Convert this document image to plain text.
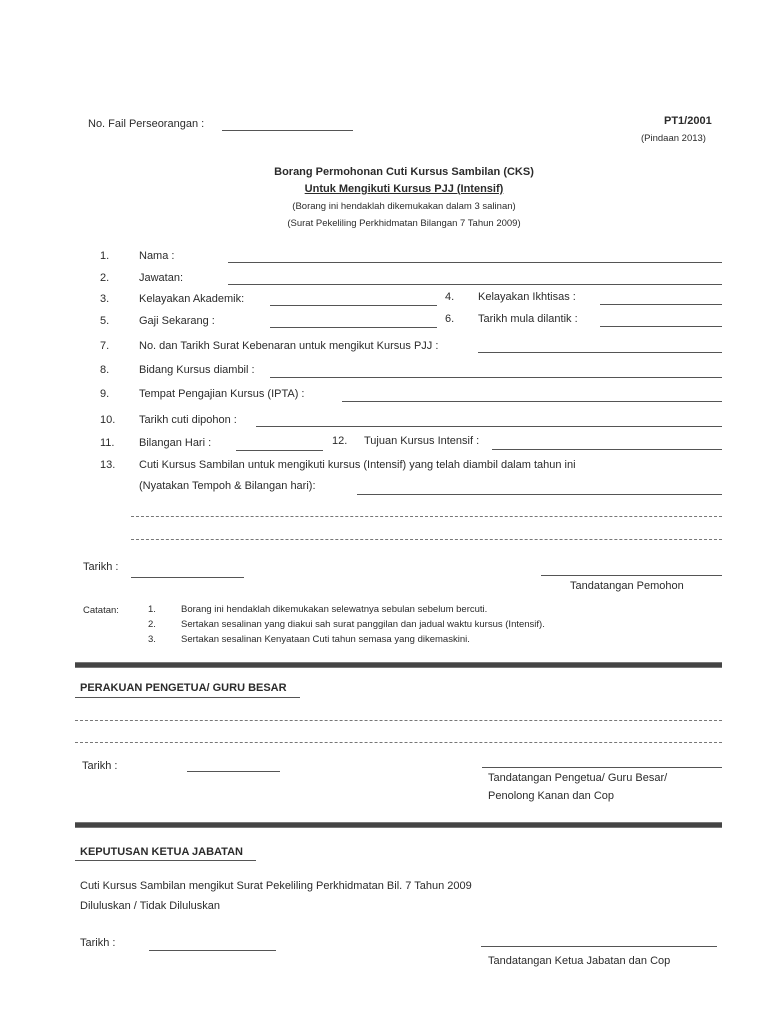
No. Fail Perseorangan :	PT1/2001
(Pindaan 2013)
Borang Permohonan Cuti Kursus Sambilan (CKS)
Untuk Mengikuti Kursus PJJ (Intensif)
(Borang ini hendaklah dikemukakan dalam 3 salinan)
(Surat Pekeliling Perkhidmatan Bilangan 7 Tahun 2009)
1.	Nama :
2.	Jawatan:
3.	Kelayakan Akademik:	4. Kelayakan Ikhtisas :
5.	Gaji Sekarang :	6. Tarikh mula dilantik :
7.	No. dan Tarikh Surat Kebenaran untuk mengikut Kursus PJJ :
8.	Bidang Kursus diambil :
9.	Tempat Pengajian Kursus (IPTA) :
10. Tarikh cuti dipohon :
11. Bilangan Hari :	12. Tujuan Kursus Intensif :
13. Cuti Kursus Sambilan untuk mengikuti kursus (Intensif) yang telah diambil dalam tahun ini
(Nyatakan Tempoh & Bilangan hari):
Tarikh :
Tandatangan Pemohon
Catatan:	1.	Borang ini hendaklah dikemukakan selewatnya sebulan sebelum bercuti.
2.	Sertakan sesalinan yang diakui sah surat panggilan dan jadual waktu kursus (Intensif).
3.	Sertakan sesalinan Kenyataan Cuti tahun semasa yang dikemaskini.
PERAKUAN PENGETUA/ GURU BESAR
Tarikh :
Tandatangan Pengetua/ Guru Besar/
Penolong Kanan dan Cop
KEPUTUSAN KETUA JABATAN
Cuti Kursus Sambilan mengikut Surat Pekeliling Perkhidmatan Bil. 7 Tahun 2009
Diluluskan / Tidak Diluluskan
Tarikh :
Tandatangan Ketua Jabatan dan Cop
